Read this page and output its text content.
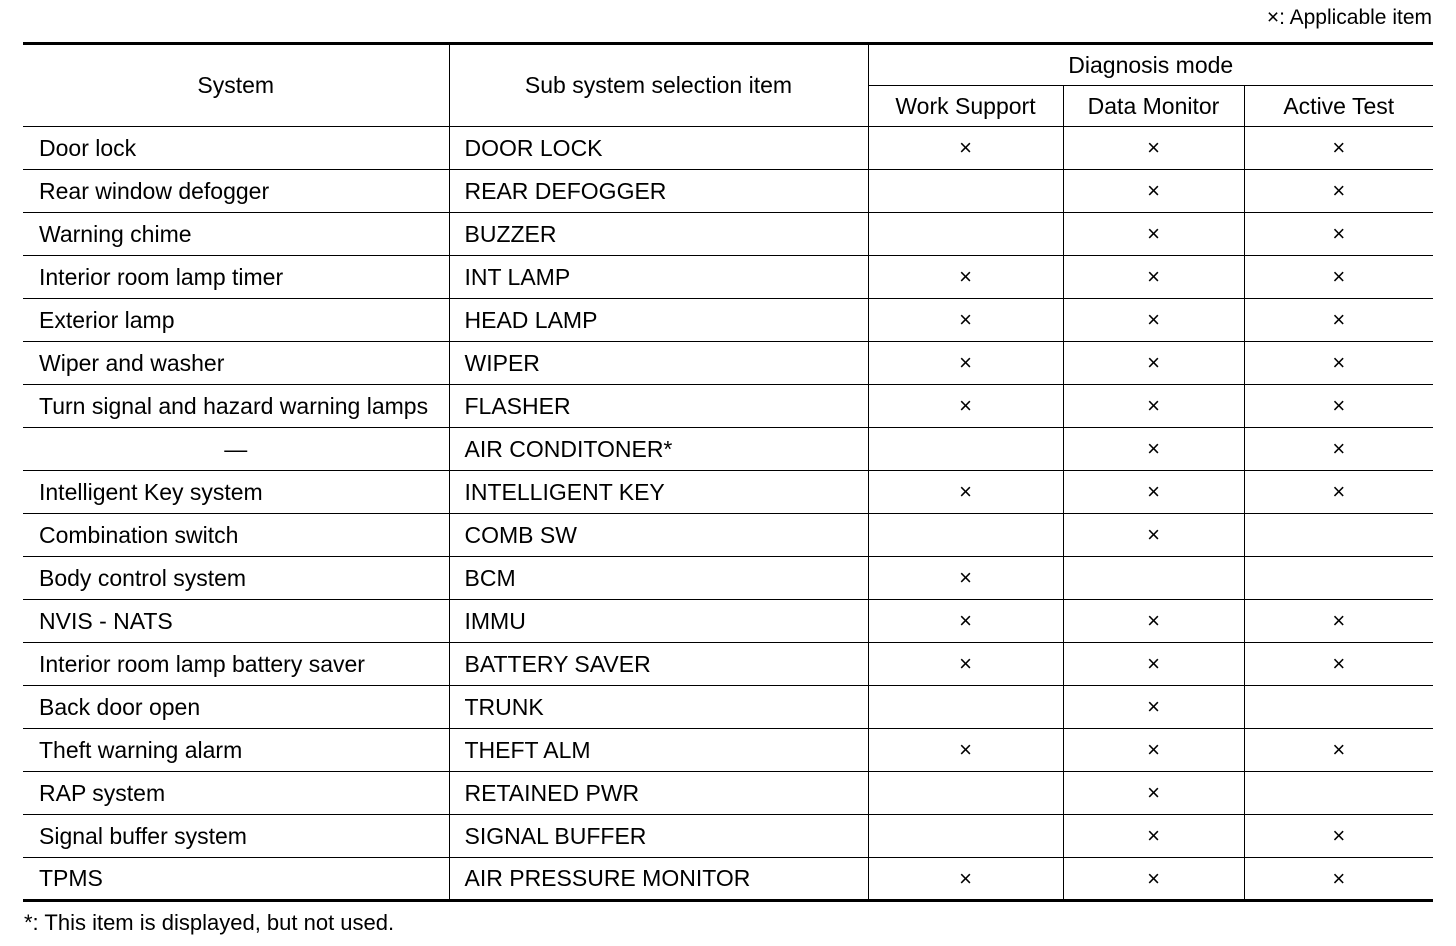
×: Applicable item
System	Sub system selection item	Diagnosis mode		
		Work Support	Data Monitor	Active Test
Door lock	DOOR LOCK	×	×	×
Rear window defogger	REAR DEFOGGER		×	×
Warning chime	BUZZER		×	×
Interior room lamp timer	INT LAMP	×	×	×
Exterior lamp	HEAD LAMP	×	×	×
Wiper and washer	WIPER	×	×	×
Turn signal and hazard warning lamps	FLASHER	×	×	×
—	AIR CONDITONER*		×	×
Intelligent Key system	INTELLIGENT KEY	×	×	×
Combination switch	COMB SW		×	
Body control system	BCM	×		
NVIS - NATS	IMMU	×	×	×
Interior room lamp battery saver	BATTERY SAVER	×	×	×
Back door open	TRUNK		×	
Theft warning alarm	THEFT ALM	×	×	×
RAP system	RETAINED PWR		×	
Signal buffer system	SIGNAL BUFFER		×	×
TPMS	AIR PRESSURE MONITOR	×	×	×
*: This item is displayed, but not used.
